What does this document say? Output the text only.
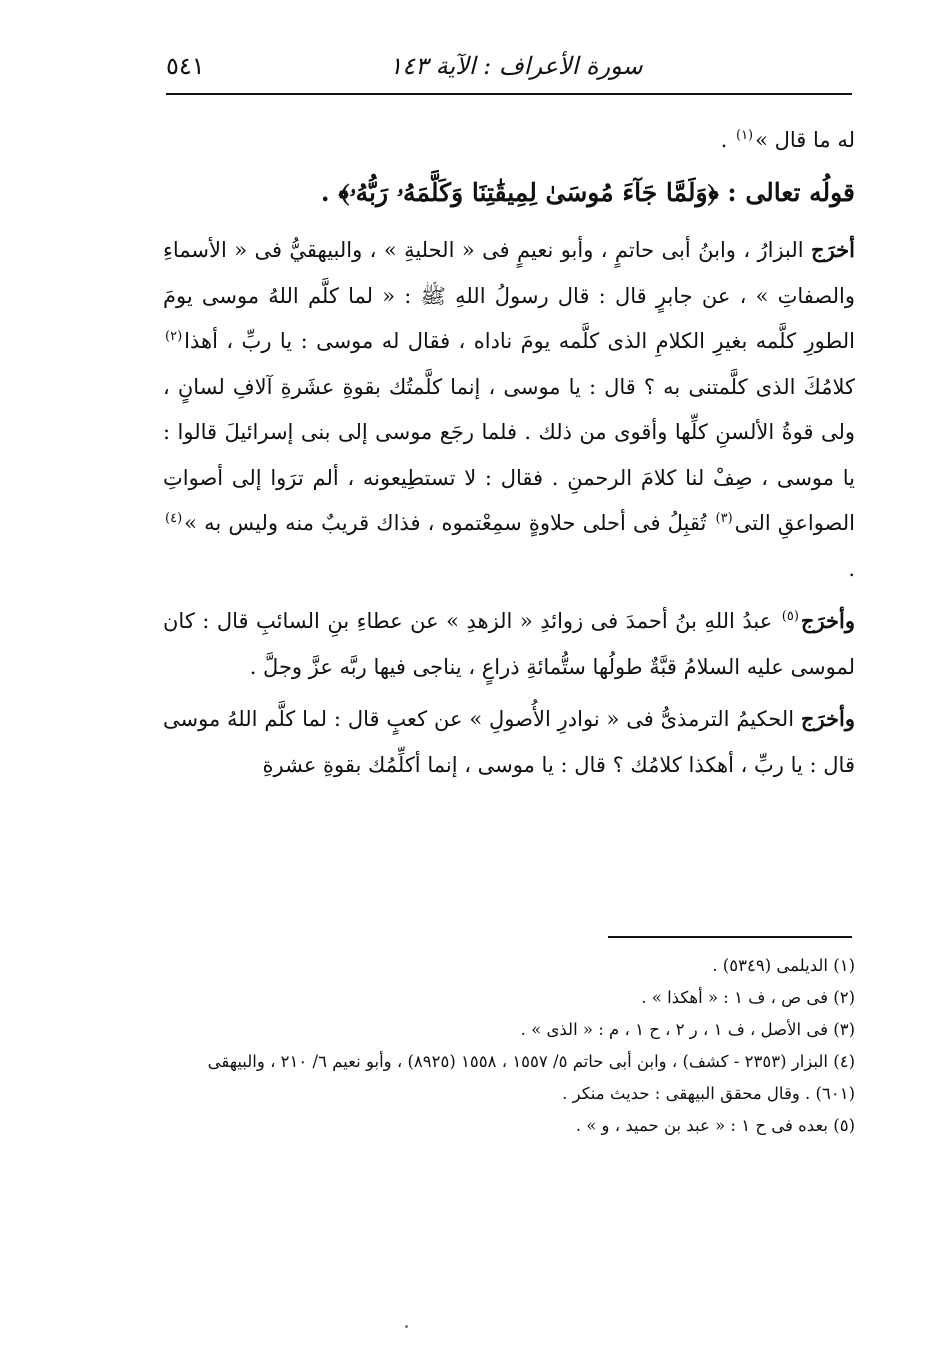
٥٤١	سورة الأعراف : الآية ١٤٣

له ما قال »$^{(١)}$ .

قولُه تعالى : ﴿وَلَمَّا جَآءَ مُوسَىٰ لِمِيقَٰتِنَا وَكَلَّمَهُۥ رَبُّهُۥ﴾ .

أخرَج البزارُ ، وابنُ أبى حاتمٍ ، وأبو نعيمٍ فى « الحليةِ » ، والبيهقيُّ فى « الأسماءِ والصفاتِ » ، عن جابرٍ قال : قال رسولُ اللهِ ﷺ : « لما كلَّم اللهُ موسى يومَ الطورِ كلَّمه بغيرِ الكلامِ الذى كلَّمه يومَ ناداه ، فقال له موسى : يا ربِّ ، أهذا$^{(٢)}$ كلامُكَ الذى كلَّمتنى به ؟ قال : يا موسى ، إنما كلَّمتُك بقوةِ عشَرةِ آلافِ لسانٍ ، ولى قوةُ الألسنِ كلِّها وأقوى من ذلك . فلما رجَع موسى إلى بنى إسرائيلَ قالوا : يا موسى ، صِفْ لنا كلامَ الرحمنِ . فقال : لا تستطِيعونه ، ألم ترَوا إلى أصواتِ الصواعقِ التى$^{(٣)}$ تُقبِلُ فى أحلى حلاوةٍ سمِعْتموه ، فذاك قريبٌ منه وليس به »$^{(٤)}$ .

وأخرَج$^{(٥)}$ عبدُ اللهِ بنُ أحمدَ فى زوائدِ « الزهدِ » عن عطاءِ بنِ السائبِ قال : كان لموسى عليه السلامُ قبَّةٌ طولُها ستُّمائةِ ذراعٍ ، يناجى فيها ربَّه عزَّ وجلَّ .

وأخرَج الحكيمُ الترمذىُّ فى « نوادرِ الأُصولِ » عن كعبٍ قال : لما كلَّم اللهُ موسى قال : يا ربِّ ، أهكذا كلامُك ؟ قال : يا موسى ، إنما أكلِّمُك بقوةِ عشرةِ

(١) الديلمى (٥٣٤٩) .
(٢) فى ص ، ف ١ : « أهكذا » .
(٣) فى الأصل ، ف ١ ، ر ٢ ، ح ١ ، م : « الذى » .
(٤) البزار (٢٣٥٣ - كشف) ، وابن أبى حاتم ٥/ ١٥٥٧ ، ١٥٥٨ (٨٩٢٥) ، وأبو نعيم ٦/ ٢١٠ ، والبيهقى (٦٠١) . وقال محقق البيهقى : حديث منكر .
(٥) بعده فى ح ١ : « عبد بن حميد ، و » .
